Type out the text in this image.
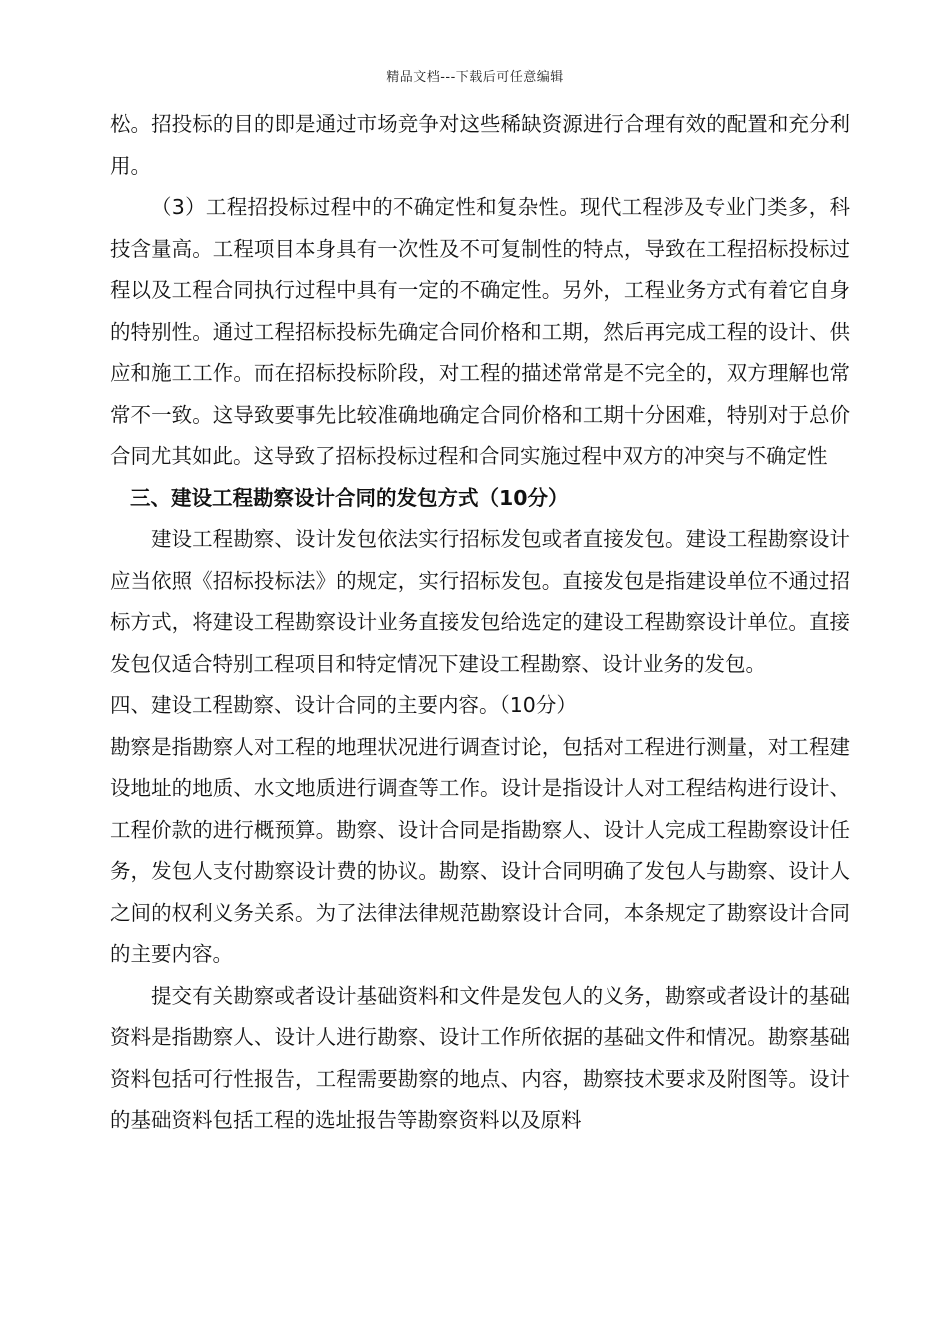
精品文档---下载后可任意编辑

松。招投标的目的即是通过市场竞争对这些稀缺资源进行合理有效的配置和充分利用。

（3）工程招投标过程中的不确定性和复杂性。现代工程涉及专业门类多，科技含量高。工程项目本身具有一次性及不可复制性的特点，导致在工程招标投标过程以及工程合同执行过程中具有一定的不确定性。另外，工程业务方式有着它自身的特别性。通过工程招标投标先确定合同价格和工期，然后再完成工程的设计、供应和施工工作。而在招标投标阶段，对工程的描述常常是不完全的，双方理解也常常不一致。这导致要事先比较准确地确定合同价格和工期十分困难，特别对于总价合同尤其如此。这导致了招标投标过程和合同实施过程中双方的冲突与不确定性

三、建设工程勘察设计合同的发包方式（10分）

建设工程勘察、设计发包依法实行招标发包或者直接发包。建设工程勘察设计应当依照《招标投标法》的规定，实行招标发包。直接发包是指建设单位不通过招标方式，将建设工程勘察设计业务直接发包给选定的建设工程勘察设计单位。直接发包仅适合特别工程项目和特定情况下建设工程勘察、设计业务的发包。

四、建设工程勘察、设计合同的主要内容。（10分）

勘察是指勘察人对工程的地理状况进行调查讨论，包括对工程进行测量，对工程建设地址的地质、水文地质进行调查等工作。设计是指设计人对工程结构进行设计、工程价款的进行概预算。勘察、设计合同是指勘察人、设计人完成工程勘察设计任务，发包人支付勘察设计费的协议。勘察、设计合同明确了发包人与勘察、设计人之间的权利义务关系。为了法律法律规范勘察设计合同，本条规定了勘察设计合同的主要内容。

提交有关勘察或者设计基础资料和文件是发包人的义务，勘察或者设计的基础资料是指勘察人、设计人进行勘察、设计工作所依据的基础文件和情况。勘察基础资料包括可行性报告，工程需要勘察的地点、内容，勘察技术要求及附图等。设计的基础资料包括工程的选址报告等勘察资料以及原料
